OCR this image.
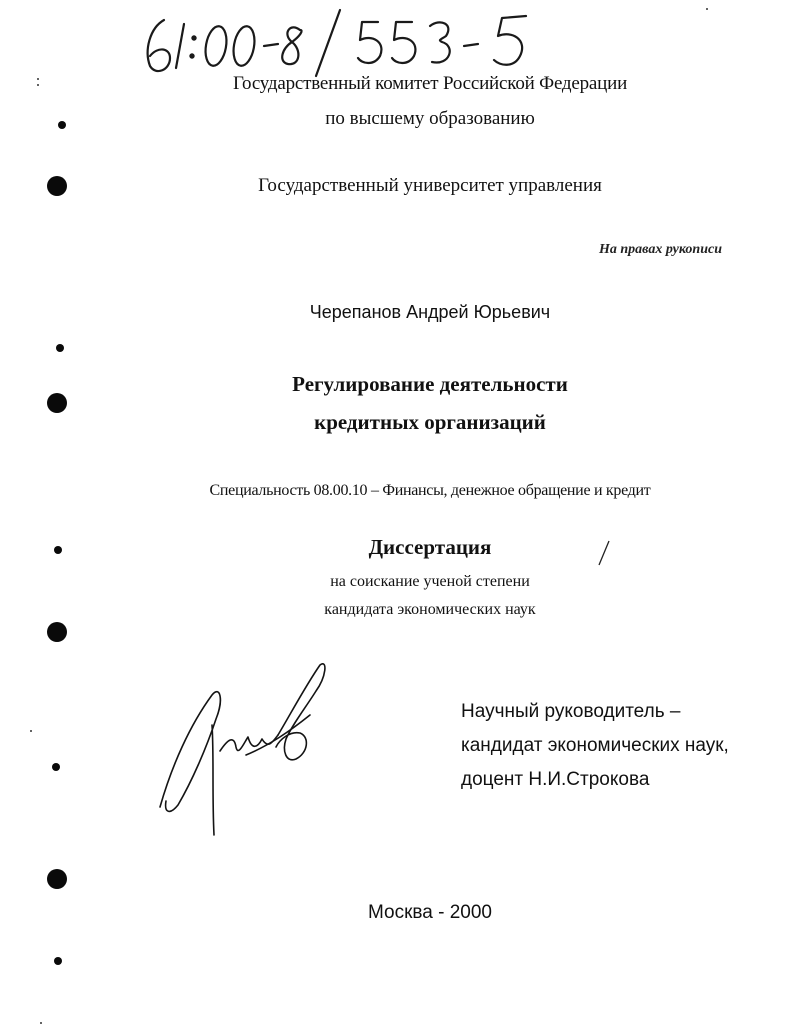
Государственный комитет Российской Федерации
по высшему образованию
Государственный университет управления
На правах рукописи
Черепанов Андрей Юрьевич
Регулирование деятельности
кредитных организаций
Специальность 08.00.10 – Финансы, денежное обращение и кредит
Диссертация
на соискание ученой степени
кандидата экономических наук
Научный руководитель –
кандидат экономических наук,
доцент Н.И.Строкова
Москва - 2000
